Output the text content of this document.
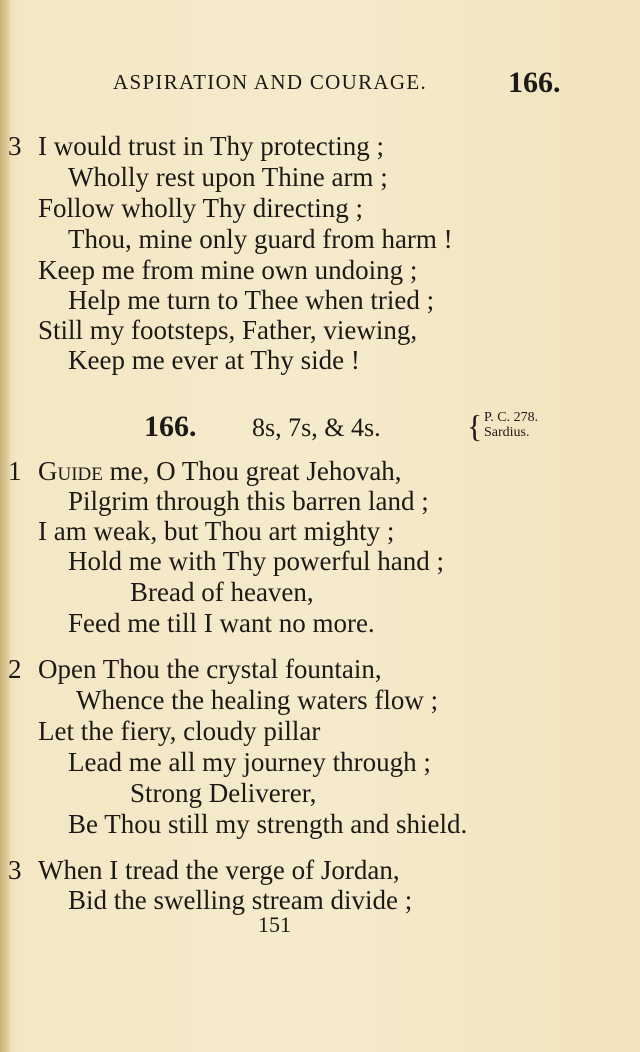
ASPIRATION AND COURAGE.	166.
3 I would trust in Thy protecting ;
Wholly rest upon Thine arm ;
Follow wholly Thy directing ;
Thou, mine only guard from harm !
Keep me from mine own undoing ;
Help me turn to Thee when tried ;
Still my footsteps, Father, viewing,
Keep me ever at Thy side !
166. 8s, 7s, & 4s.	{ P. C. 278.
Sardius.
1 Guide me, O Thou great Jehovah,
Pilgrim through this barren land ;
I am weak, but Thou art mighty ;
Hold me with Thy powerful hand ;
Bread of heaven,
Feed me till I want no more.
2 Open Thou the crystal fountain,
Whence the healing waters flow ;
Let the fiery, cloudy pillar
Lead me all my journey through ;
Strong Deliverer,
Be Thou still my strength and shield.
3 When I tread the verge of Jordan,
Bid the swelling stream divide ;
151
